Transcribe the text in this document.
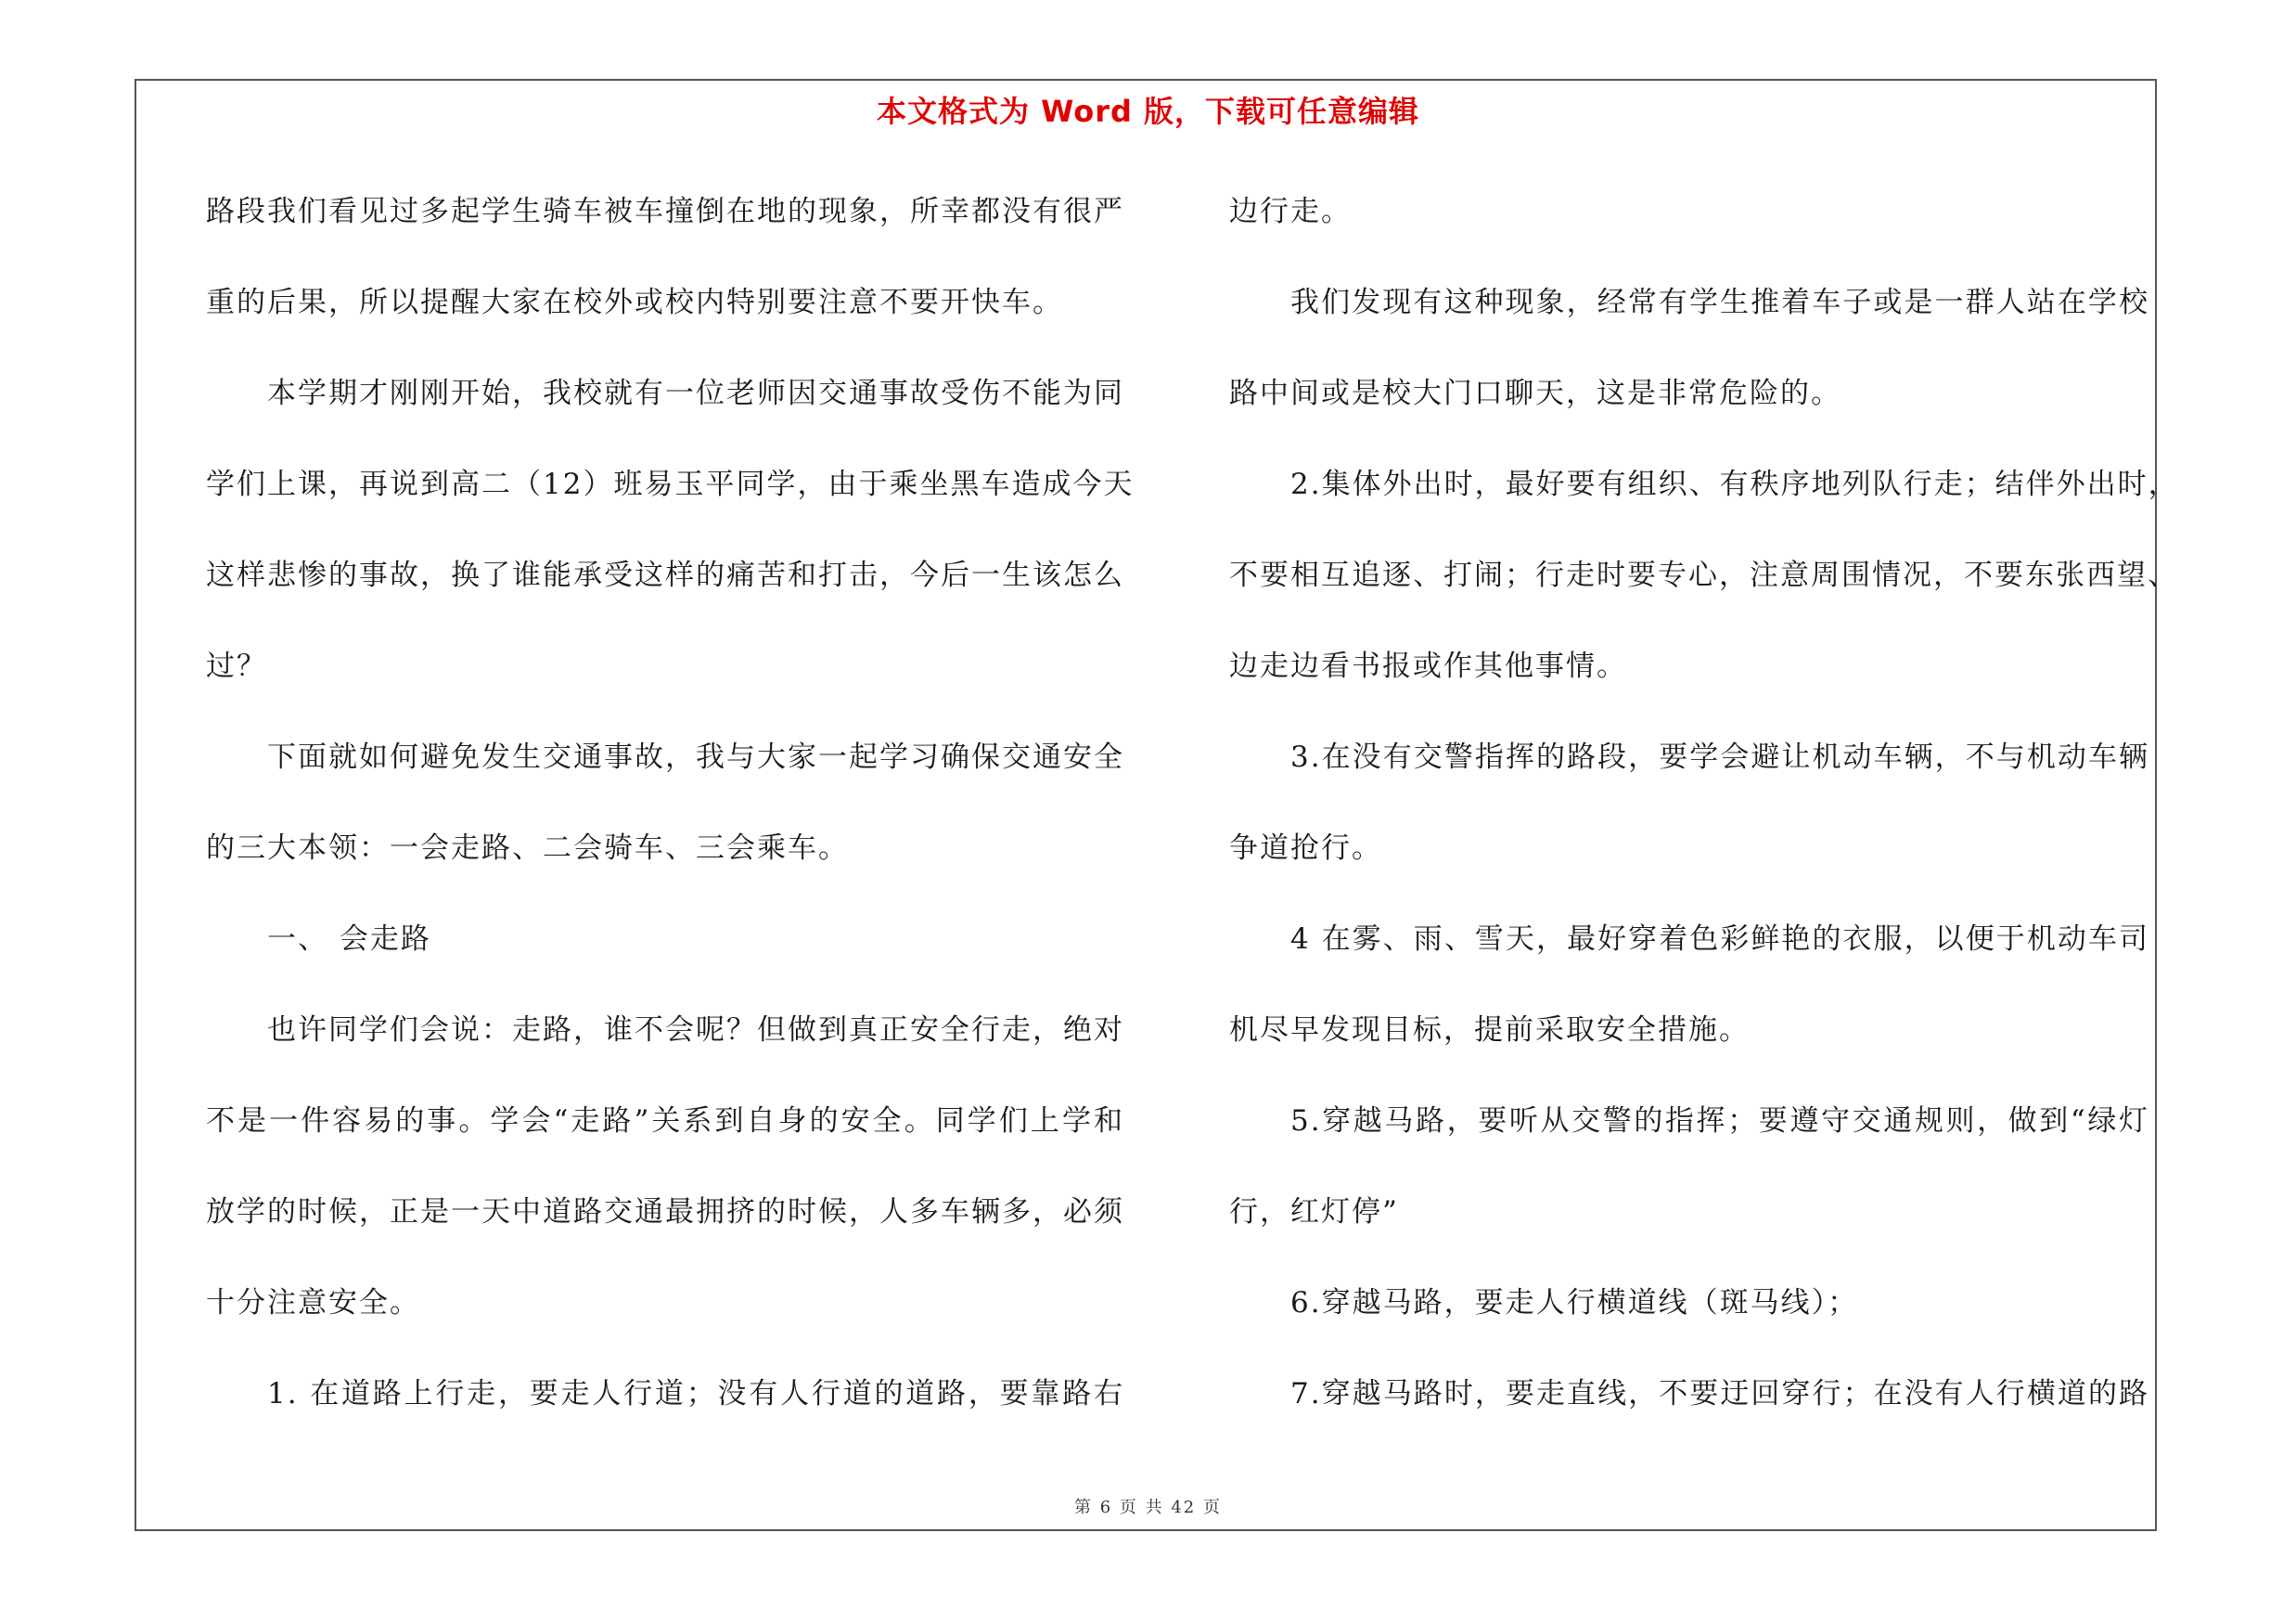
本文格式为 Word 版，下载可任意编辑
路段我们看见过多起学生骑车被车撞倒在地的现象，所幸都没有很严
重的后果，所以提醒大家在校外或校内特别要注意不要开快车。
本学期才刚刚开始，我校就有一位老师因交通事故受伤不能为同
学们上课，再说到高二（12）班易玉平同学，由于乘坐黑车造成今天
这样悲惨的事故，换了谁能承受这样的痛苦和打击，今后一生该怎么
过？
下面就如何避免发生交通事故，我与大家一起学习确保交通安全
的三大本领：一会走路、二会骑车、三会乘车。
一、 会走路
也许同学们会说：走路，谁不会呢？但做到真正安全行走，绝对
不是一件容易的事。学会“走路”关系到自身的安全。同学们上学和
放学的时候，正是一天中道路交通最拥挤的时候，人多车辆多，必须
十分注意安全。
1. 在道路上行走，要走人行道；没有人行道的道路，要靠路右
边行走。
我们发现有这种现象，经常有学生推着车子或是一群人站在学校
路中间或是校大门口聊天，这是非常危险的。
2.集体外出时，最好要有组织、有秩序地列队行走；结伴外出时，
不要相互追逐、打闹；行走时要专心，注意周围情况，不要东张西望、
边走边看书报或作其他事情。
3.在没有交警指挥的路段，要学会避让机动车辆，不与机动车辆
争道抢行。
4 在雾、雨、雪天，最好穿着色彩鲜艳的衣服，以便于机动车司
机尽早发现目标，提前采取安全措施。
5.穿越马路，要听从交警的指挥；要遵守交通规则，做到“绿灯
行，红灯停”
6.穿越马路，要走人行横道线（斑马线）；
7.穿越马路时，要走直线，不要迂回穿行；在没有人行横道的路
第 6 页 共 42 页
